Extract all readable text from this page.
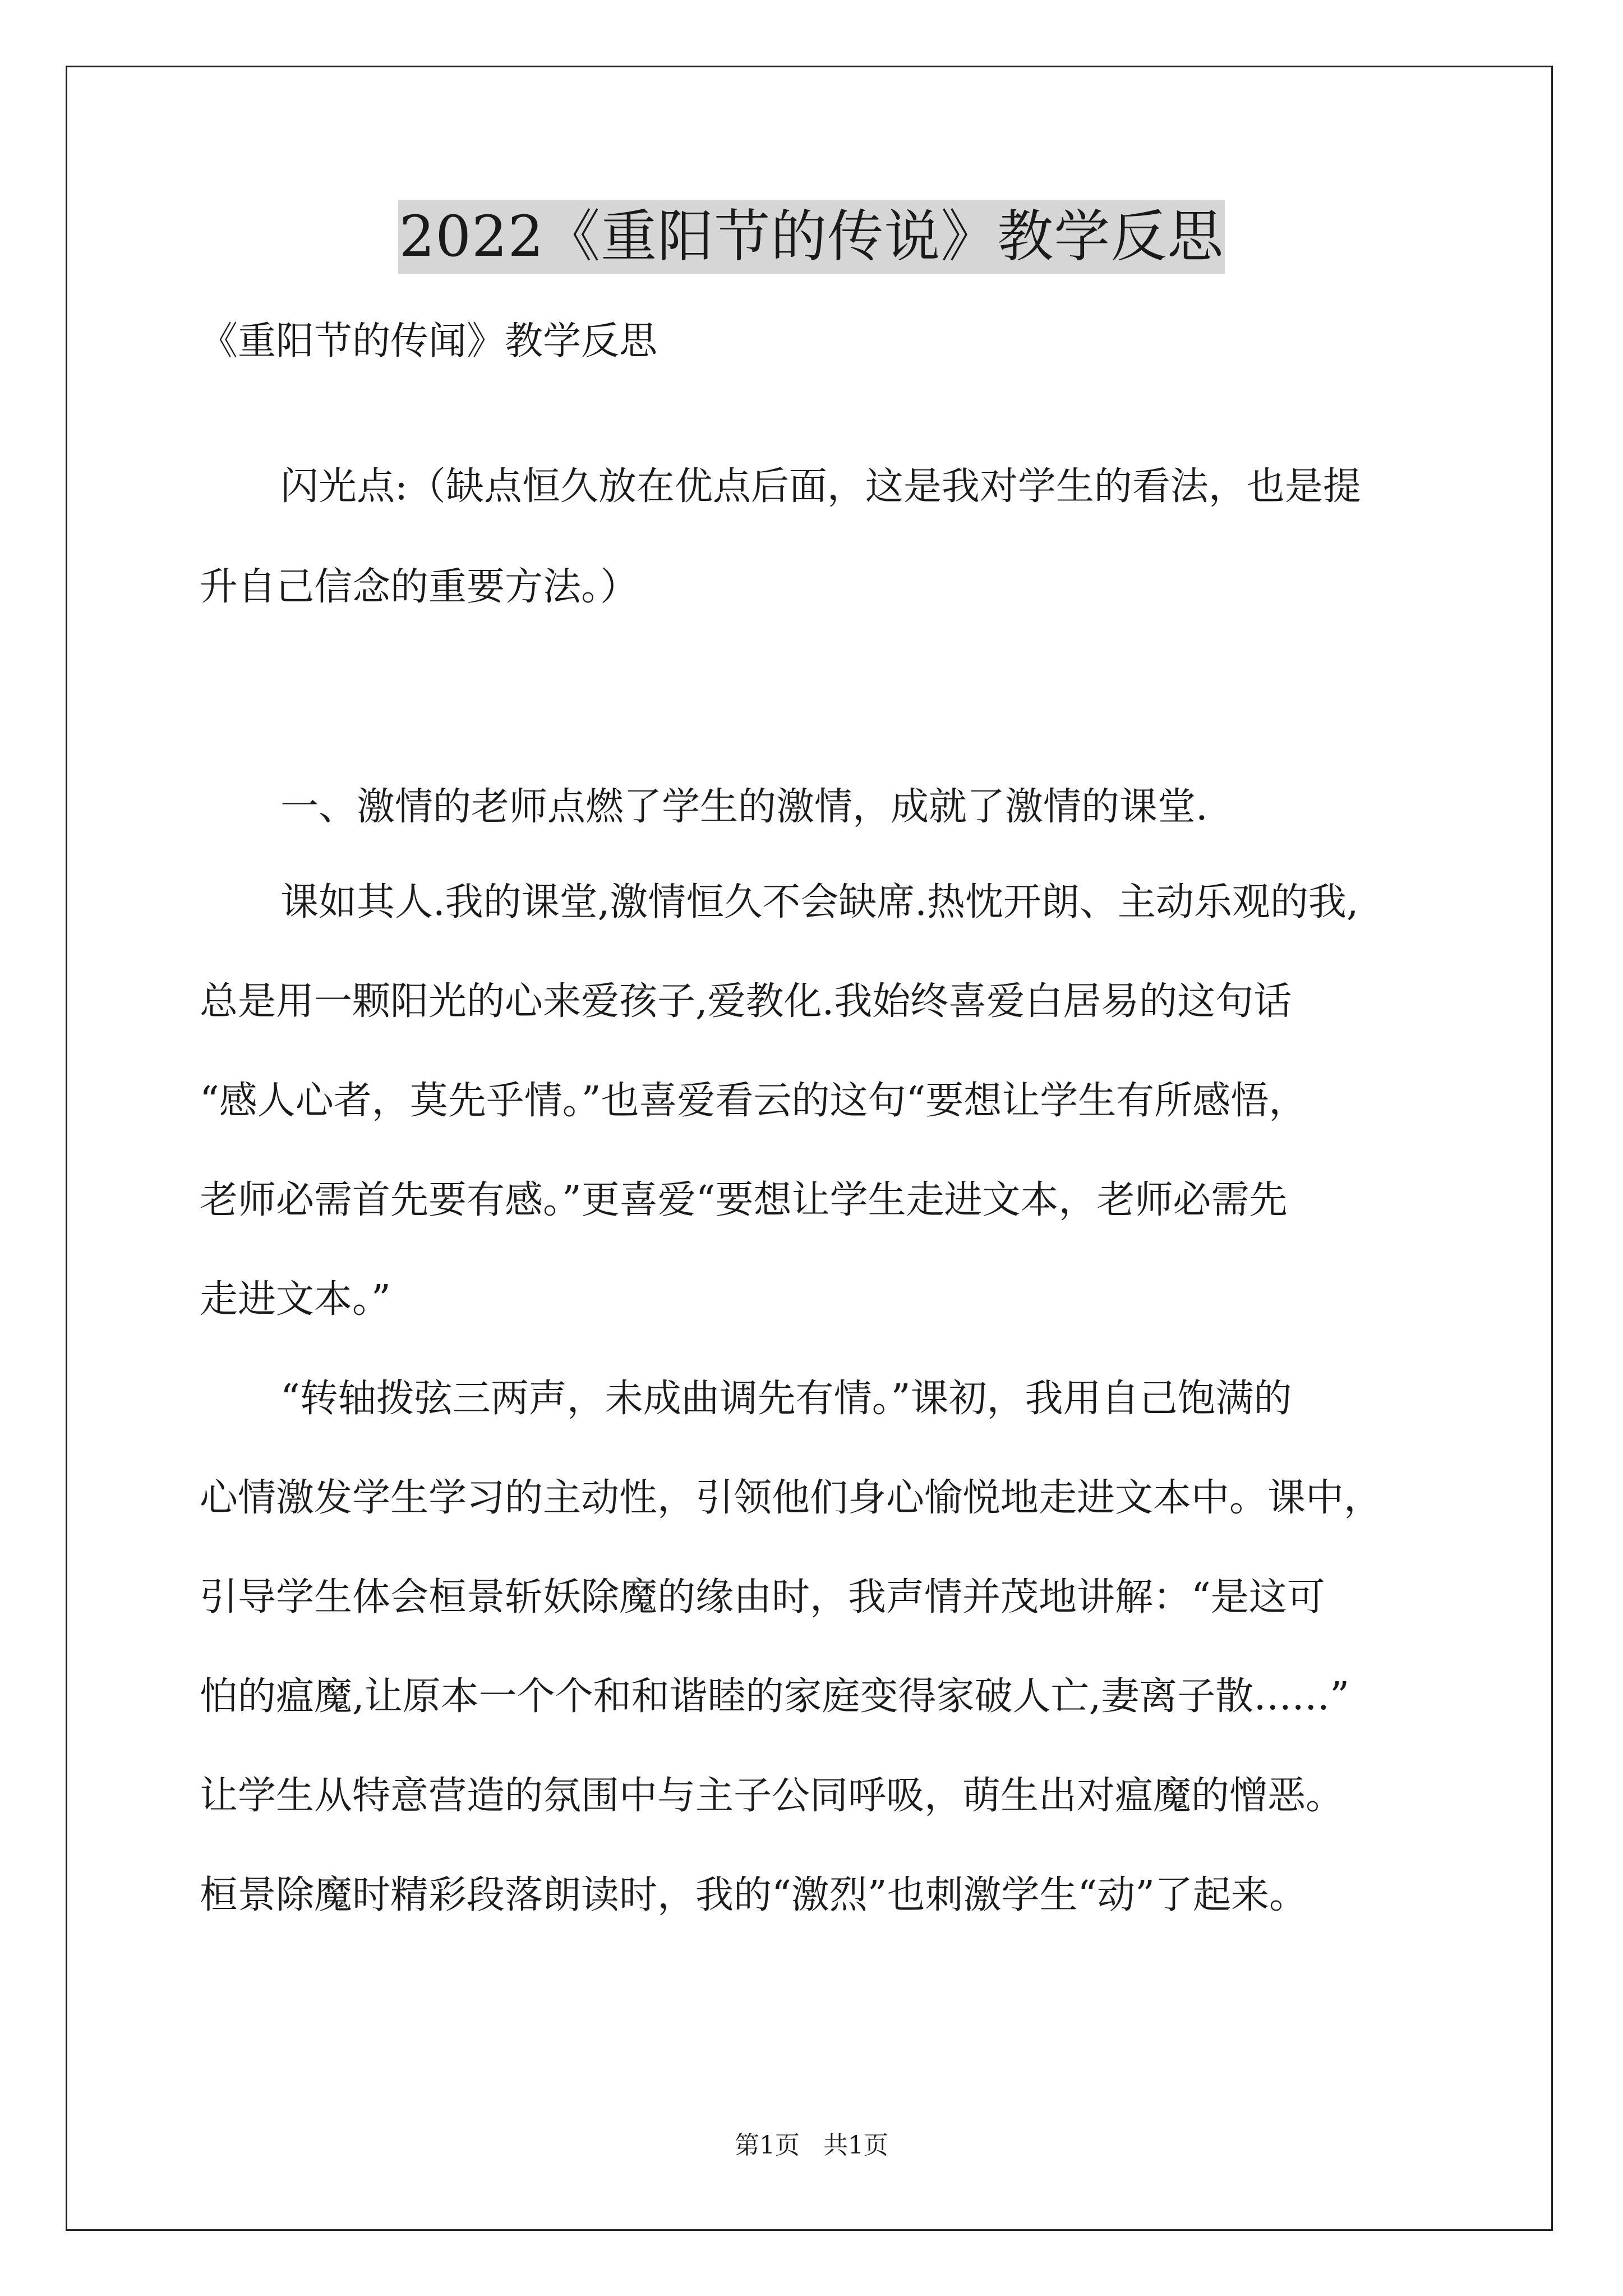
2022《重阳节的传说》教学反思
《重阳节的传闻》教学反思
闪光点:（缺点恒久放在优点后面，这是我对学生的看法，也是提
升自己信念的重要方法。）
一、激情的老师点燃了学生的激情，成就了激情的课堂.
课如其人.我的课堂,激情恒久不会缺席.热忱开朗、主动乐观的我,
总是用一颗阳光的心来爱孩子,爱教化.我始终喜爱白居易的这句话
“感人心者，莫先乎情。”也喜爱看云的这句“要想让学生有所感悟，
老师必需首先要有感。”更喜爱“要想让学生走进文本，老师必需先
走进文本。”
“转轴拨弦三两声，未成曲调先有情。”课初，我用自己饱满的
心情激发学生学习的主动性，引领他们身心愉悦地走进文本中。课中，
引导学生体会桓景斩妖除魔的缘由时，我声情并茂地讲解：“是这可
怕的瘟魔,让原本一个个和和谐睦的家庭变得家破人亡,妻离子散……”
让学生从特意营造的氛围中与主子公同呼吸，萌生出对瘟魔的憎恶。
桓景除魔时精彩段落朗读时，我的“激烈”也刺激学生“动”了起来。
第1页 共1页
